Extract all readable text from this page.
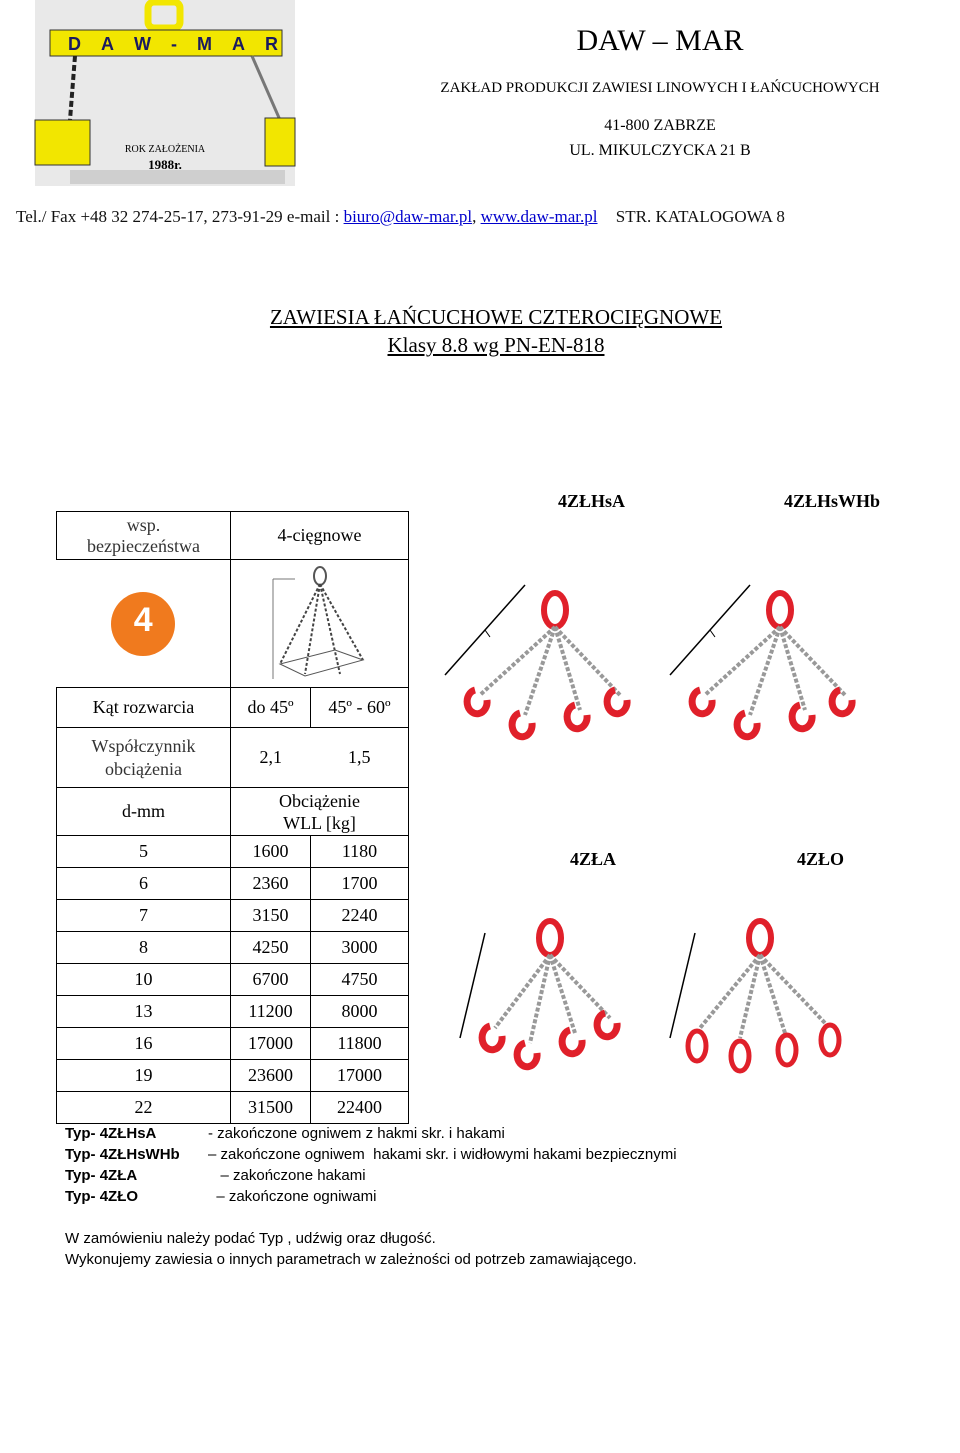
D A W - M A R
ROK ZAŁOŻENIA
1988r.
DAW – MAR
ZAKŁAD PRODUKCJI ZAWIESI LINOWYCH I ŁAŃCUCHOWYCH
41-800 ZABRZE
UL. MIKULCZYCKA 21 B
Tel./ Fax +48 32 274-25-17, 273-91-29 e-mail : biuro@daw-mar.pl, www.daw-mar.pl STR. KATALOGOWA 8
ZAWIESIA ŁAŃCUCHOWE CZTEROCIĘGNOWE
Klasy 8.8 wg PN-EN-818
wsp. bezpieczeństwa	4-cięgnowe	

4

Kąt rozwarcia	do 45º	45º - 60º

Współczynnik obciążenia	2,1	1,5
d-mm	Obciążenie WLL [kg]	

5	1600	1180
6	2360	1700
7	3150	2240
8	4250	3000
10	6700	4750
13	11200	8000
16	17000	11800
19	23600	17000
22	31500	22400
4ZŁHsA	4ZŁHsWHb
4ZŁA	4ZŁO
Typ- 4ZŁHsA	- zakończone ogniwem z hakmi skr. i hakami
Typ- 4ZŁHsWHb – zakończone ogniwem  hakami skr. i widłowymi hakami bezpiecznymi
Typ- 4ZŁA	– zakończone hakami
Typ- 4ZŁO	– zakończone ogniwami
W zamówieniu należy podać Typ , udźwig oraz długość.
Wykonujemy zawiesia o innych parametrach w zależności od potrzeb zamawiającego.
